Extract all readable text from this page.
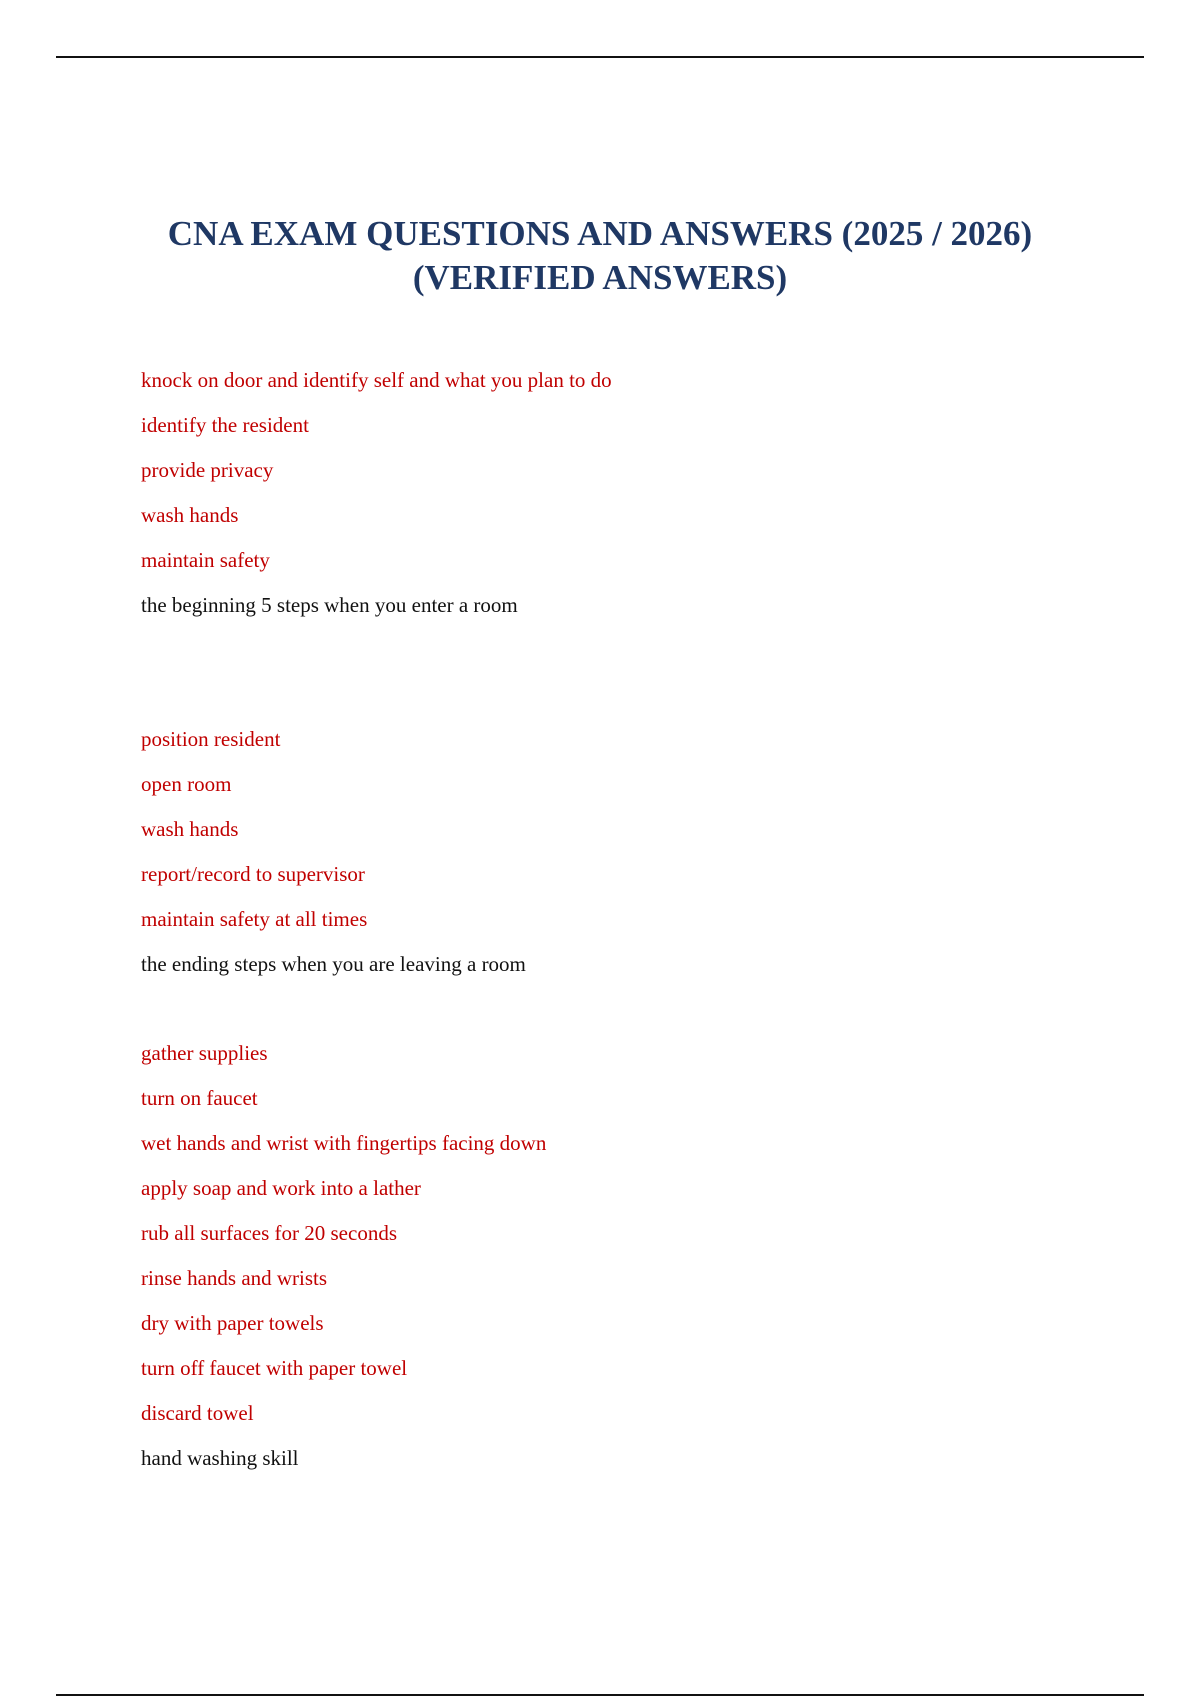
CNA EXAM QUESTIONS AND ANSWERS (2025 / 2026)
(VERIFIED ANSWERS)
knock on door and identify self and what you plan to do
identify the resident
provide privacy
wash hands
maintain safety
the beginning 5 steps when you enter a room
position resident
open room
wash hands
report/record to supervisor
maintain safety at all times
the ending steps when you are leaving a room
gather supplies
turn on faucet
wet hands and wrist with fingertips facing down
apply soap and work into a lather
rub all surfaces for 20 seconds
rinse hands and wrists
dry with paper towels
turn off faucet with paper towel
discard towel
hand washing skill
